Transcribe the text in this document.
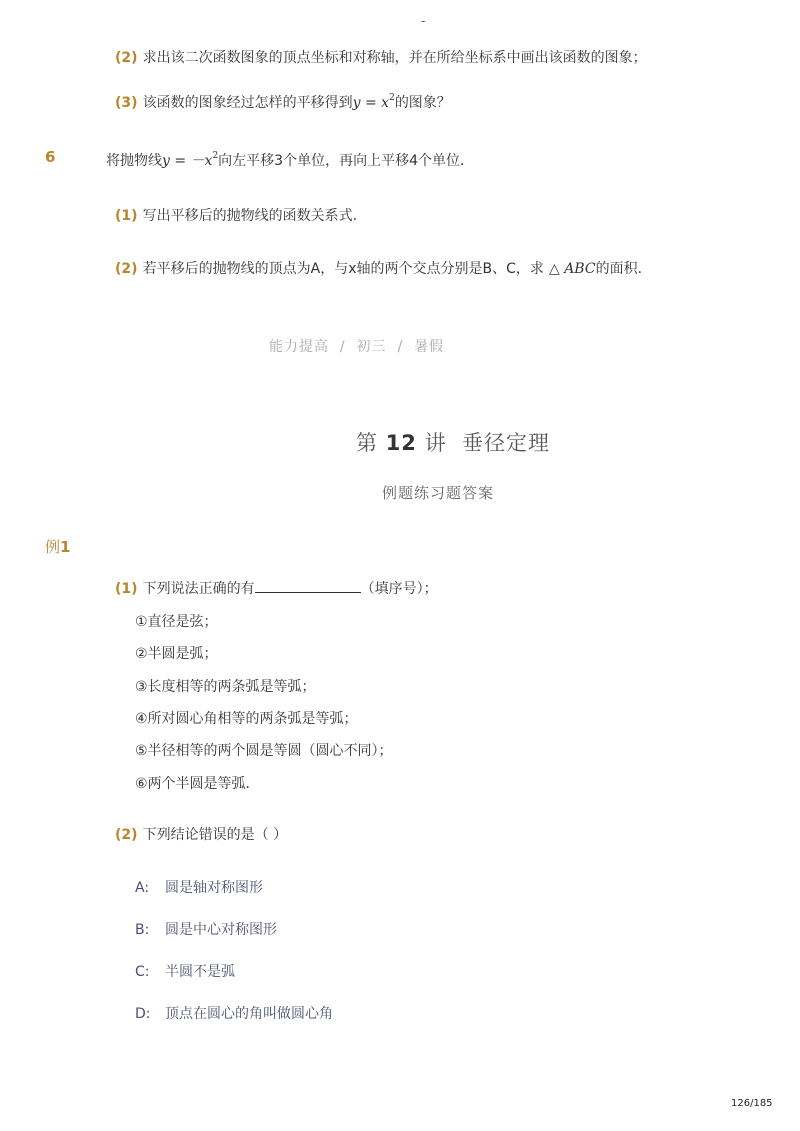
-
(2) 求出该二次函数图象的顶点坐标和对称轴，并在所给坐标系中画出该函数的图象；
(3) 该函数的图象经过怎样的平移得到$y = x^2$的图象？
6	将抛物线$y = -x^2$向左平移3个单位，再向上平移4个单位．
(1) 写出平移后的抛物线的函数关系式．
(2) 若平移后的抛物线的顶点为A，与x轴的两个交点分别是B、C，求 △ ABC的面积．
能力提高 / 初三 / 暑假
第 12 讲 垂径定理
例题练习题答案
例1
(1) 下列说法正确的有	（填序号）；
①直径是弦；
②半圆是弧；
③长度相等的两条弧是等弧；
④所对圆心角相等的两条弧是等弧；
⑤半径相等的两个圆是等圆（圆心不同）；
⑥两个半圆是等弧．
(2) 下列结论错误的是（ ）
A: 圆是轴对称图形
B: 圆是中心对称图形
C: 半圆不是弧
D: 顶点在圆心的角叫做圆心角
126/185
